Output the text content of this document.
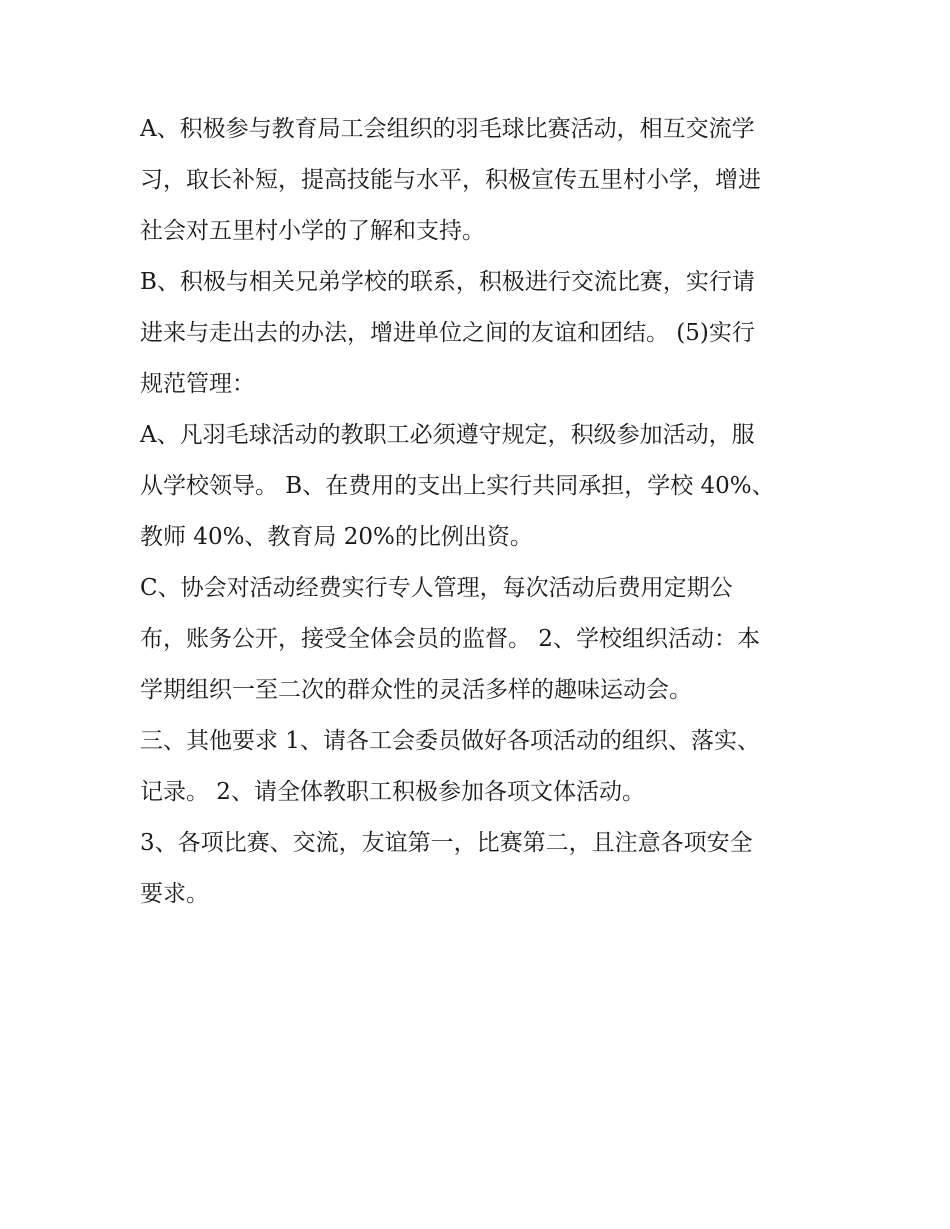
A、积极参与教育局工会组织的羽毛球比赛活动，相互交流学
习，取长补短，提高技能与水平，积极宣传五里村小学，增进
社会对五里村小学的了解和支持。
B、积极与相关兄弟学校的联系，积极进行交流比赛，实行请
进来与走出去的办法，增进单位之间的友谊和团结。 (5)实行
规范管理：
A、凡羽毛球活动的教职工必须遵守规定，积级参加活动，服
从学校领导。 B、在费用的支出上实行共同承担，学校 40%、
教师 40%、教育局 20%的比例出资。
C、协会对活动经费实行专人管理，每次活动后费用定期公
布，账务公开，接受全体会员的监督。 2、学校组织活动：本
学期组织一至二次的群众性的灵活多样的趣味运动会。
三、其他要求 1、请各工会委员做好各项活动的组织、落实、
记录。 2、请全体教职工积极参加各项文体活动。
3、各项比赛、交流，友谊第一，比赛第二，且注意各项安全
要求。
